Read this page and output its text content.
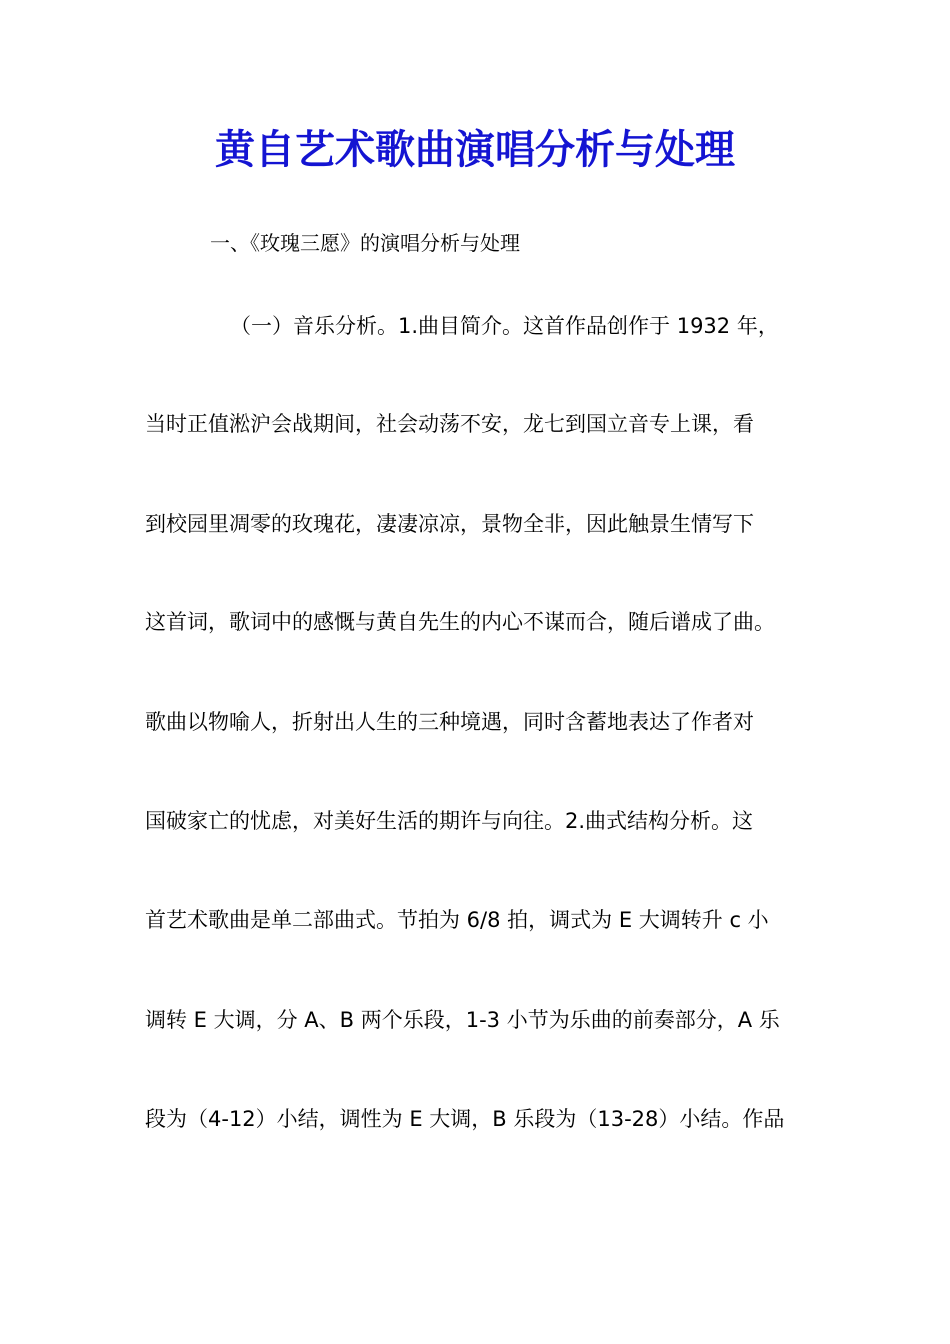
黄自艺术歌曲演唱分析与处理

一、《玫瑰三愿》的演唱分析与处理

（一）音乐分析。1.曲目简介。这首作品创作于 1932 年，

当时正值淞沪会战期间，社会动荡不安，龙七到国立音专上课，看

到校园里凋零的玫瑰花，凄凄凉凉，景物全非，因此触景生情写下

这首词，歌词中的感慨与黄自先生的内心不谋而合，随后谱成了曲。

歌曲以物喻人，折射出人生的三种境遇，同时含蓄地表达了作者对

国破家亡的忧虑，对美好生活的期许与向往。2.曲式结构分析。这

首艺术歌曲是单二部曲式。节拍为 6/8 拍，调式为 E 大调转升 c 小

调转 E 大调，分 A、B 两个乐段，1-3 小节为乐曲的前奏部分，A 乐

段为（4-12）小结，调性为 E 大调，B 乐段为（13-28）小结。作品
